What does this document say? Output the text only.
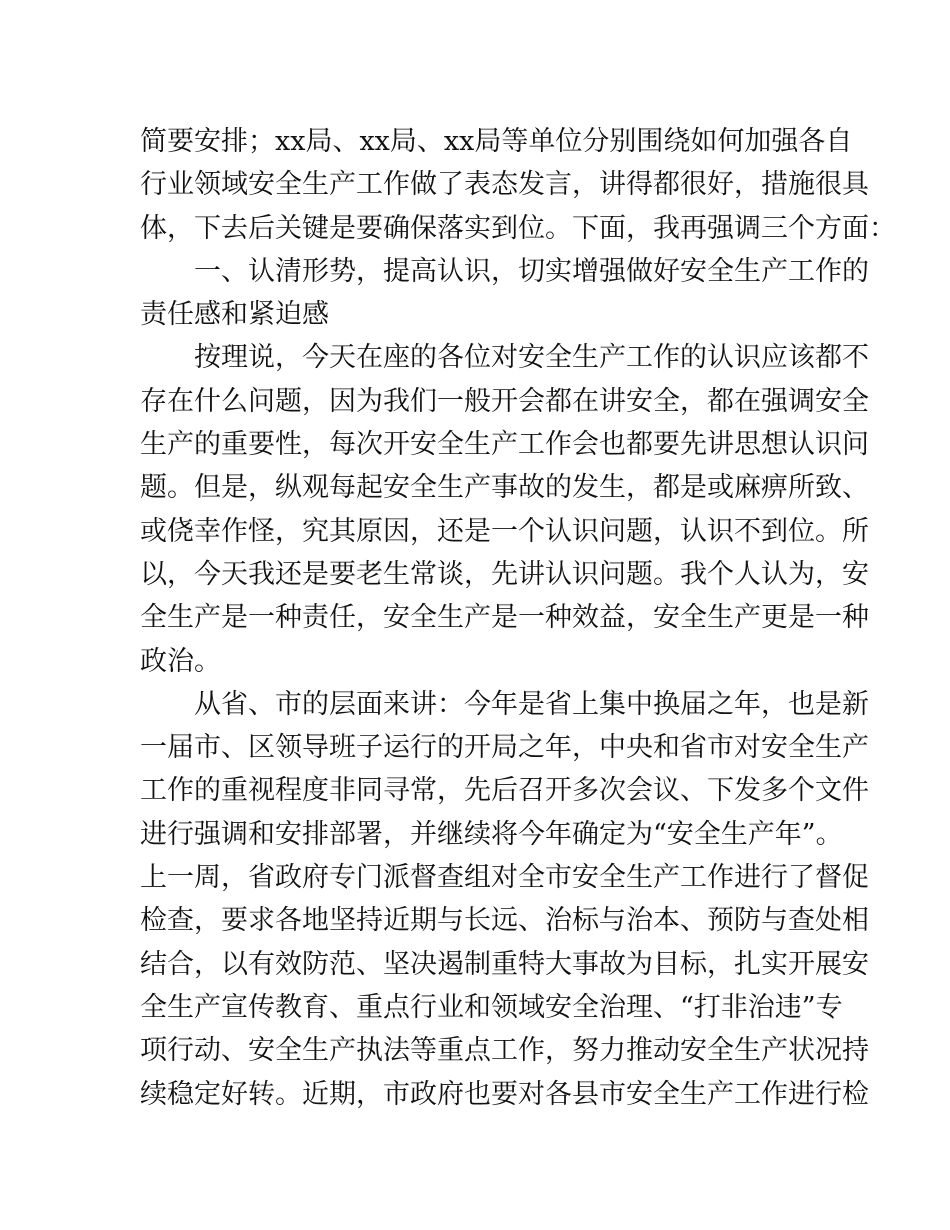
简要安排；xx局、xx局、xx局等单位分别围绕如何加强各自
行业领域安全生产工作做了表态发言，讲得都很好，措施很具
体，下去后关键是要确保落实到位。下面，我再强调三个方面：
一、认清形势，提高认识，切实增强做好安全生产工作的
责任感和紧迫感
按理说，今天在座的各位对安全生产工作的认识应该都不
存在什么问题，因为我们一般开会都在讲安全，都在强调安全
生产的重要性，每次开安全生产工作会也都要先讲思想认识问
题。但是，纵观每起安全生产事故的发生，都是或麻痹所致、
或侥幸作怪，究其原因，还是一个认识问题，认识不到位。所
以，今天我还是要老生常谈，先讲认识问题。我个人认为，安
全生产是一种责任，安全生产是一种效益，安全生产更是一种
政治。
从省、市的层面来讲：今年是省上集中换届之年，也是新
一届市、区领导班子运行的开局之年，中央和省市对安全生产
工作的重视程度非同寻常，先后召开多次会议、下发多个文件
进行强调和安排部署，并继续将今年确定为“安全生产年”。
上一周，省政府专门派督查组对全市安全生产工作进行了督促
检查，要求各地坚持近期与长远、治标与治本、预防与查处相
结合，以有效防范、坚决遏制重特大事故为目标，扎实开展安
全生产宣传教育、重点行业和领域安全治理、“打非治违”专
项行动、安全生产执法等重点工作，努力推动安全生产状况持
续稳定好转。近期，市政府也要对各县市安全生产工作进行检
